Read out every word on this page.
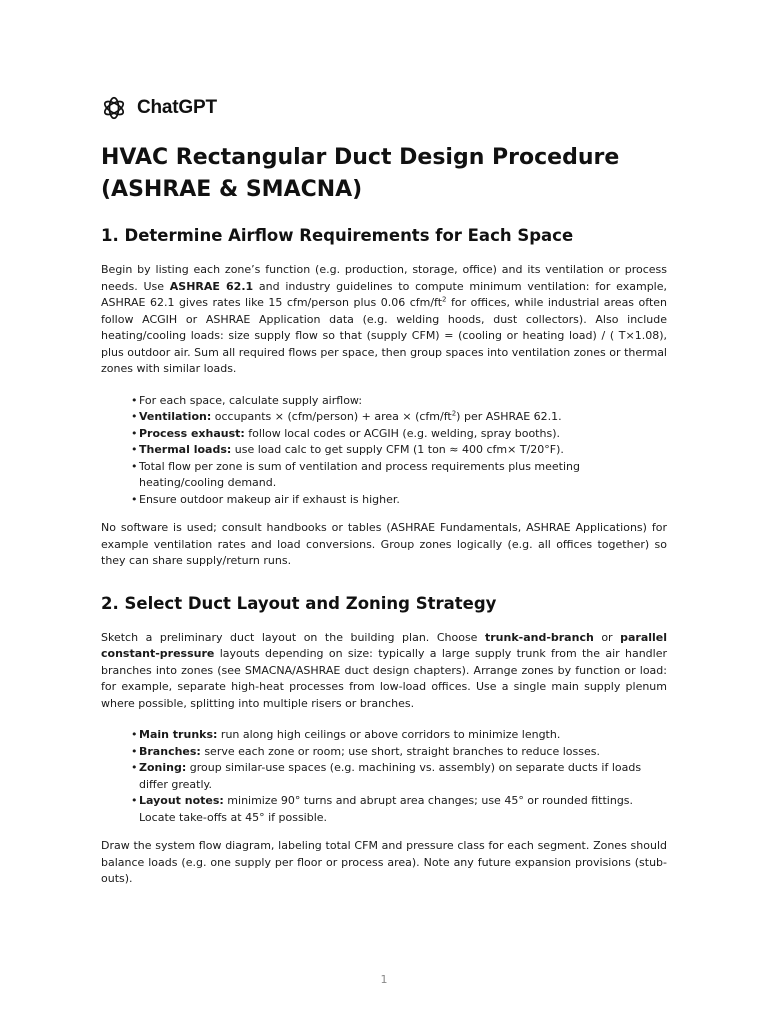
ChatGPT
HVAC Rectangular Duct Design Procedure
(ASHRAE & SMACNA)
1. Determine Airflow Requirements for Each Space

Begin by listing each zone’s function (e.g. production, storage, office) and its ventilation or process needs. Use ASHRAE 62.1 and industry guidelines to compute minimum ventilation: for example, ASHRAE 62.1 gives rates like 15 cfm/person plus 0.06 cfm/$ft^2$ for offices, while industrial areas often follow ACGIH or ASHRAE Application data (e.g. welding hoods, dust collectors). Also include heating/cooling loads: size supply flow so that (supply CFM) = (cooling or heating load) / ( T×1.08), plus outdoor air. Sum all required flows per space, then group spaces into ventilation zones or thermal zones with similar loads.

• For each space, calculate supply airflow:
• Ventilation: occupants × (cfm/person) + area × $(cfm/ft^2)$ per ASHRAE 62.1.
• Process exhaust: follow local codes or ACGIH (e.g. welding, spray booths).
• Thermal loads: use load calc to get supply CFM (1 ton ≈ 400 cfm× T/20°F).
• Total flow per zone is sum of ventilation and process requirements plus meeting heating/cooling demand.
• Ensure outdoor makeup air if exhaust is higher.

No software is used; consult handbooks or tables (ASHRAE Fundamentals, ASHRAE Applications) for example ventilation rates and load conversions. Group zones logically (e.g. all offices together) so they can share supply/return runs.

2. Select Duct Layout and Zoning Strategy

Sketch a preliminary duct layout on the building plan. Choose trunk-and-branch or parallel constant-pressure layouts depending on size: typically a large supply trunk from the air handler branches into zones (see SMACNA/ASHRAE duct design chapters). Arrange zones by function or load: for example, separate high-heat processes from low-load offices. Use a single main supply plenum where possible, splitting into multiple risers or branches.

• Main trunks: run along high ceilings or above corridors to minimize length.
• Branches: serve each zone or room; use short, straight branches to reduce losses.
• Zoning: group similar-use spaces (e.g. machining vs. assembly) on separate ducts if loads differ greatly.
• Layout notes: minimize 90° turns and abrupt area changes; use 45° or rounded fittings. Locate take-offs at 45° if possible.

Draw the system flow diagram, labeling total CFM and pressure class for each segment. Zones should balance loads (e.g. one supply per floor or process area). Note any future expansion provisions (stub-outs).

1
